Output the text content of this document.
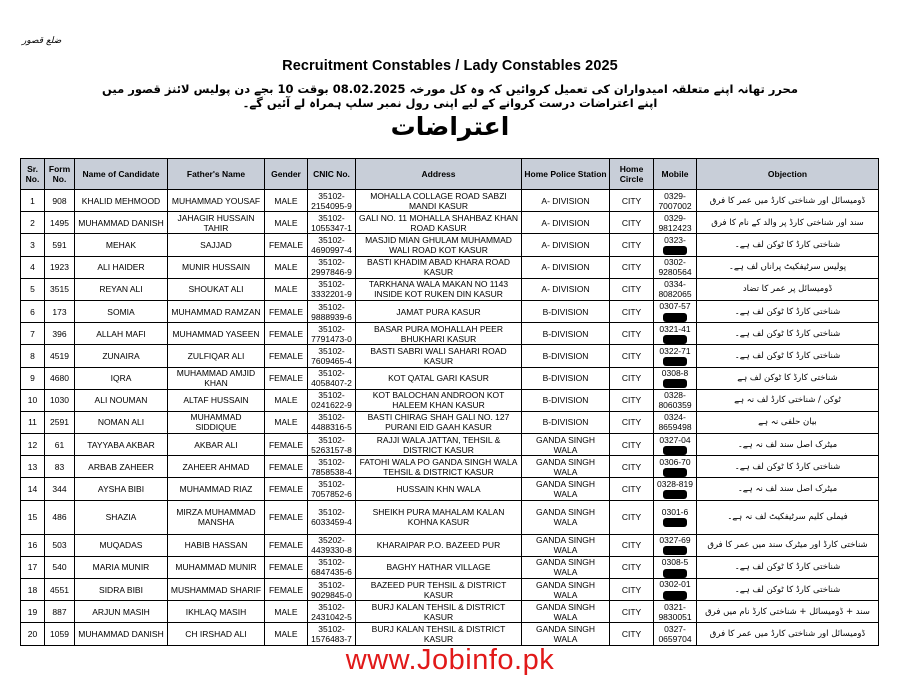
ضلع قصور
Recruitment Constables / Lady Constables 2025
محرر تھانہ اپنے متعلقہ امیدواران کی تعمیل کروائیں کہ وہ کل مورخہ 08.02.2025 بوقت 10 بجے دن پولیس لائنز قصور میں اپنے اعتراضات درست کروانے کے لیے اپنی رول نمبر سلپ ہمراہ لے آئیں گے۔
اعتراضات
Sr. No.	Form No.	Name of Candidate	Father's Name	Gender	CNIC No.	Address	Home Police Station	Home Circle	Mobile	Objection
1	908	KHALID MEHMOOD	MUHAMMAD YOUSAF	MALE	35102-2154095-9	MOHALLA COLLAGE ROAD SABZI MANDI KASUR	A- DIVISION	CITY	0329-7007002	ڈومیسائل اور شناختی کارڈ میں عمر کا فرق
2	1495	MUHAMMAD DANISH	JAHAGIR HUSSAIN TAHIR	MALE	35102-1055347-1	GALI NO. 11 MOHALLA SHAHBAZ KHAN ROAD KASUR	A- DIVISION	CITY	0329-9812423	سند اور شناختی کارڈ پر والد کے نام کا فرق
3	591	MEHAK	SAJJAD	FEMALE	35102-4690997-4	MASJID MIAN GHULAM MUHAMMAD WALI ROAD KOT KASUR	A- DIVISION	CITY	0323-	شناختی کارڈ کا ٹوکن لف ہے۔
4	1923	ALI HAIDER	MUNIR HUSSAIN	MALE	35102-2997846-9	BASTI KHADIM ABAD KHARA ROAD KASUR	A- DIVISION	CITY	0302-9280564	پولیس سرٹیفکیٹ پراناں لف ہے۔
5	3515	REYAN ALI	SHOUKAT ALI	MALE	35102-3332201-9	TARKHANA WALA MAKAN NO 1143 INSIDE KOT RUKEN DIN KASUR	A- DIVISION	CITY	0334-8082065	ڈومیسائل پر عمر کا تضاد
6	173	SOMIA	MUHAMMAD RAMZAN	FEMALE	35102-9888939-6	JAMAT PURA KASUR	B-DIVISION	CITY	0307-57	شناختی کارڈ کا ٹوکن لف ہے۔
7	396	ALLAH MAFI	MUHAMMAD YASEEN	FEMALE	35102-7791473-0	BASAR PURA MOHALLAH PEER BHUKHARI KASUR	B-DIVISION	CITY	0321-41	شناختی کارڈ کا ٹوکن لف ہے۔
8	4519	ZUNAIRA	ZULFIQAR ALI	FEMALE	35102-7609465-4	BASTI SABRI WALI SAHARI ROAD KASUR	B-DIVISION	CITY	0322-71	شناختی کارڈ کا ٹوکن لف ہے۔
9	4680	IQRA	MUHAMMAD AMJID KHAN	FEMALE	35102-4058407-2	KOT QATAL GARI KASUR	B-DIVISION	CITY	0308-8	شناختی کارڈ کا ٹوکن لف ہے
10	1030	ALI NOUMAN	ALTAF HUSSAIN	MALE	35102-0241622-9	KOT BALOCHAN ANDROON KOT HALEEM KHAN KASUR	B-DIVISION	CITY	0328-8060359	ٹوکن / شناختی کارڈ لف نہ ہے
11	2591	NOMAN ALI	MUHAMMAD SIDDIQUE	MALE	35102-4488316-5	BASTI CHIRAG SHAH GALI NO. 127 PURANI EID GAAH KASUR	B-DIVISION	CITY	0324-8659498	بیان حلفی نہ ہے
12	61	TAYYABA AKBAR	AKBAR ALI	FEMALE	35102-5263157-8	RAJJI WALA JATTAN, TEHSIL & DISTRICT KASUR	GANDA SINGH WALA	CITY	0327-04	میٹرک اصل سند لف نہ ہے۔
13	83	ARBAB ZAHEER	ZAHEER AHMAD	FEMALE	35102-7858538-4	FATOHI WALA PO GANDA SINGH WALA TEHSIL & DISTRICT KASUR	GANDA SINGH WALA	CITY	0306-70	شناختی کارڈ کا ٹوکن لف ہے۔
14	344	AYSHA BIBI	MUHAMMAD RIAZ	FEMALE	35102-7057852-6	HUSSAIN KHN WALA	GANDA SINGH WALA	CITY	0328-819	میٹرک اصل سند لف نہ ہے۔
15	486	SHAZIA	MIRZA MUHAMMAD MANSHA	FEMALE	35102-6033459-4	SHEIKH PURA MAHALAM KALAN KOHNA KASUR	GANDA SINGH WALA	CITY	0301-6	فیملی کلیم سرٹیفکیٹ لف نہ ہے۔
16	503	MUQADAS	HABIB HASSAN	FEMALE	35202-4439330-8	KHARAIPAR P.O. BAZEED PUR	GANDA SINGH WALA	CITY	0327-69	شناختی کارڈ اور میٹرک سند میں عمر کا فرق
17	540	MARIA MUNIR	MUHAMMAD MUNIR	FEMALE	35102-6847435-6	BAGHY HATHAR VILLAGE	GANDA SINGH WALA	CITY	0308-5	شناختی کارڈ کا ٹوکن لف ہے۔
18	4551	SIDRA BIBI	MUSHAMMAD SHARIF	FEMALE	35102-9029845-0	BAZEED PUR TEHSIL & DISTRICT KASUR	GANDA SINGH WALA	CITY	0302-01	شناختی کارڈ کا ٹوکن لف ہے۔
19	887	ARJUN MASIH	IKHLAQ MASIH	MALE	35102-2431042-5	BURJ KALAN TEHSIL & DISTRICT KASUR	GANDA SINGH WALA	CITY	0321-9830051	سند + ڈومیسائل + شناختی کارڈ نام میں فرق
20	1059	MUHAMMAD DANISH	CH IRSHAD ALI	MALE	35102-1576483-7	BURJ KALAN TEHSIL & DISTRICT KASUR	GANDA SINGH WALA	CITY	0327-0659704	ڈومیسائل اور شناختی کارڈ میں عمر کا فرق
www.Jobinfo.pk
